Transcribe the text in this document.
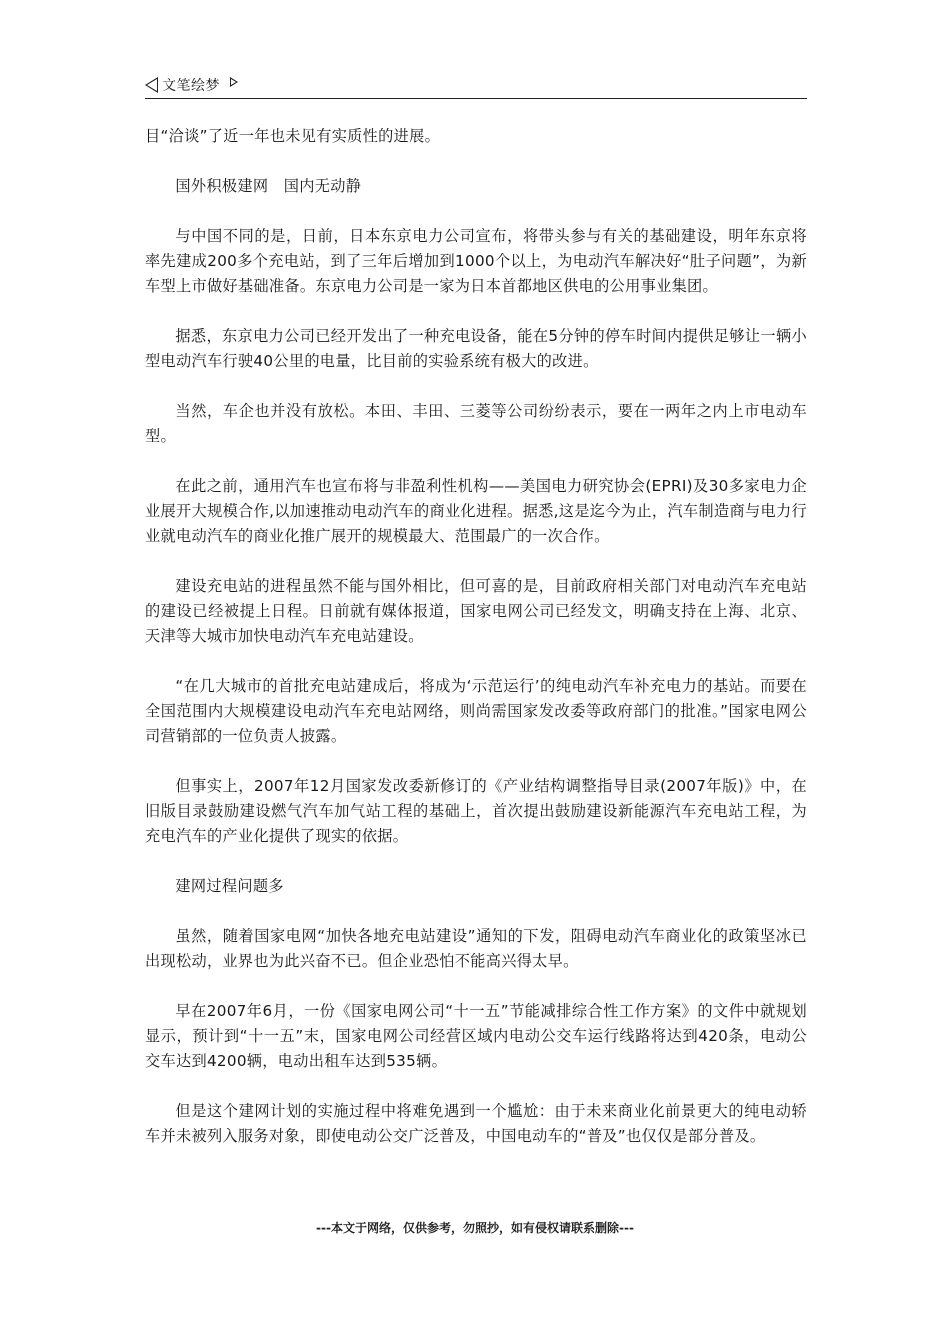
文笔绘梦

目“洽谈”了近一年也未见有实质性的进展。

国外积极建网　国内无动静

与中国不同的是，日前，日本东京电力公司宣布，将带头参与有关的基础建设，明年东京将率先建成200多个充电站，到了三年后增加到1000个以上，为电动汽车解决好“肚子问题”，为新车型上市做好基础准备。东京电力公司是一家为日本首都地区供电的公用事业集团。

据悉，东京电力公司已经开发出了一种充电设备，能在5分钟的停车时间内提供足够让一辆小型电动汽车行驶40公里的电量，比目前的实验系统有极大的改进。

当然，车企也并没有放松。本田、丰田、三菱等公司纷纷表示，要在一两年之内上市电动车型。

在此之前，通用汽车也宣布将与非盈利性机构——美国电力研究协会(EPRI)及30多家电力企业展开大规模合作,以加速推动电动汽车的商业化进程。据悉,这是迄今为止，汽车制造商与电力行业就电动汽车的商业化推广展开的规模最大、范围最广的一次合作。

建设充电站的进程虽然不能与国外相比，但可喜的是，目前政府相关部门对电动汽车充电站的建设已经被提上日程。日前就有媒体报道，国家电网公司已经发文，明确支持在上海、北京、天津等大城市加快电动汽车充电站建设。

“在几大城市的首批充电站建成后，将成为‘示范运行’的纯电动汽车补充电力的基站。而要在全国范围内大规模建设电动汽车充电站网络，则尚需国家发改委等政府部门的批准。”国家电网公司营销部的一位负责人披露。

但事实上，2007年12月国家发改委新修订的《产业结构调整指导目录(2007年版)》中，在旧版目录鼓励建设燃气汽车加气站工程的基础上，首次提出鼓励建设新能源汽车充电站工程，为充电汽车的产业化提供了现实的依据。

建网过程问题多

虽然，随着国家电网“加快各地充电站建设”通知的下发，阻碍电动汽车商业化的政策坚冰已出现松动，业界也为此兴奋不已。但企业恐怕不能高兴得太早。

早在2007年6月，一份《国家电网公司“十一五”节能减排综合性工作方案》的文件中就规划显示，预计到“十一五”末，国家电网公司经营区域内电动公交车运行线路将达到420条，电动公交车达到4200辆，电动出租车达到535辆。

但是这个建网计划的实施过程中将难免遇到一个尴尬：由于未来商业化前景更大的纯电动轿车并未被列入服务对象，即使电动公交广泛普及，中国电动车的“普及”也仅仅是部分普及。

---本文于网络，仅供参考，勿照抄，如有侵权请联系删除---
